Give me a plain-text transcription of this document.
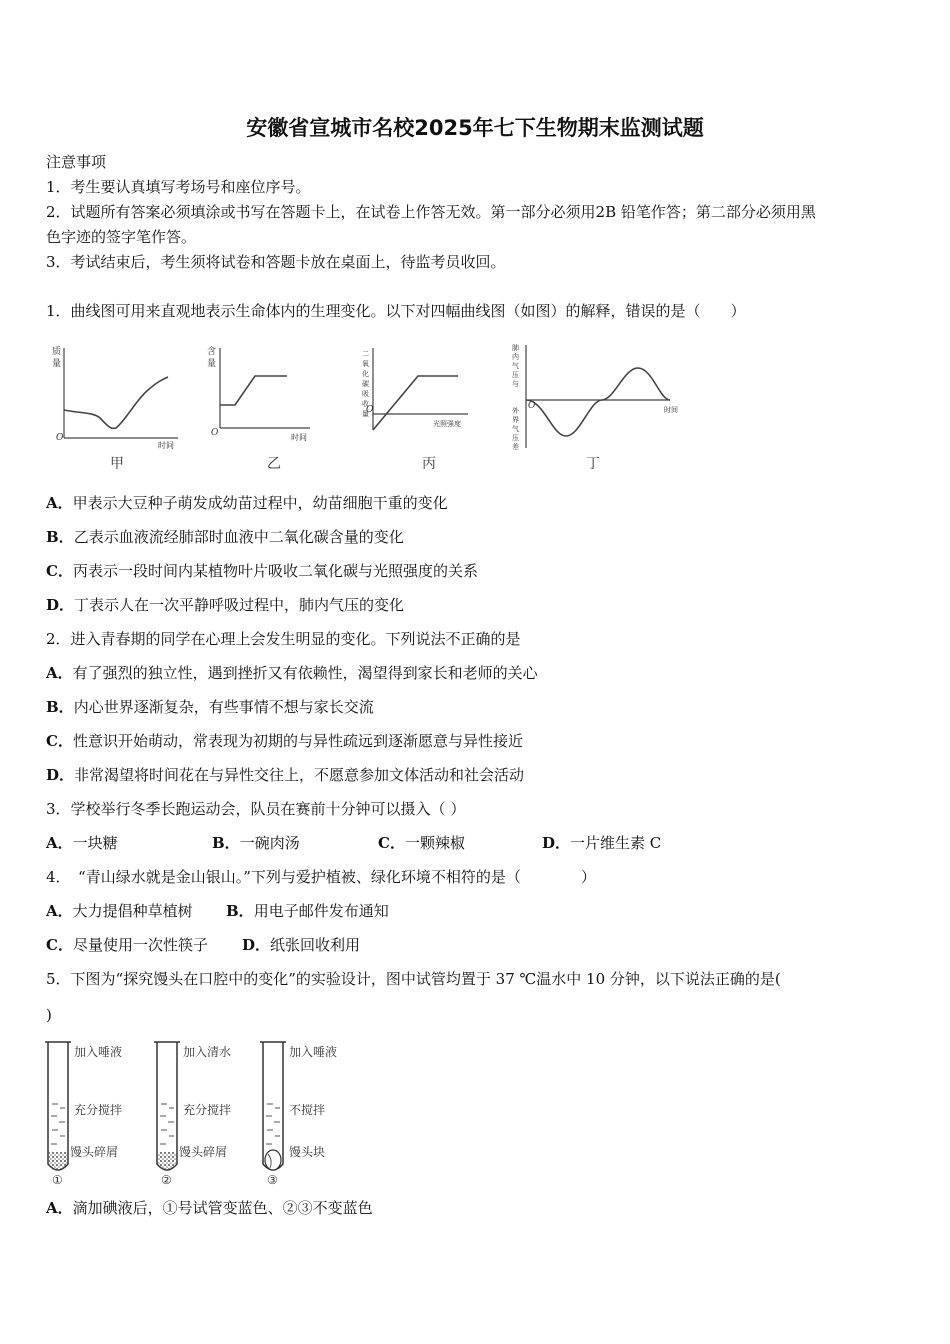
安徽省宣城市名校2025年七下生物期末监测试题
注意事项
1．考生要认真填写考场号和座位序号。
2．试题所有答案必须填涂或书写在答题卡上，在试卷上作答无效。第一部分必须用2B 铅笔作答；第二部分必须用黑
色字迹的签字笔作答。
3．考试结束后，考生须将试卷和答题卡放在桌面上，待监考员收回。
1．曲线图可用来直观地表示生命体内的生理变化。以下对四幅曲线图（如图）的解释，错误的是（　　）
质
量
O
时间
甲
含
量
O	时间
乙
二
氧
化
碳
吸
收
量
O
光照强度
丙
肺
内
气
压
与
外
界
气
压
差
O	时间
丁
A．甲表示大豆种子萌发成幼苗过程中，幼苗细胞干重的变化
B．乙表示血液流经肺部时血液中二氧化碳含量的变化
C．丙表示一段时间内某植物叶片吸收二氧化碳与光照强度的关系
D．丁表示人在一次平静呼吸过程中，肺内气压的变化
2．进入青春期的同学在心理上会发生明显的变化。下列说法不正确的是
A．有了强烈的独立性，遇到挫折又有依赖性，渴望得到家长和老师的关心
B．内心世界逐渐复杂，有些事情不想与家长交流
C．性意识开始萌动，常表现为初期的与异性疏远到逐渐愿意与异性接近
D．非常渴望将时间花在与异性交往上，不愿意参加文体活动和社会活动
3．学校举行冬季长跑运动会，队员在赛前十分钟可以摄入（ ）
A．一块糖	B．一碗肉汤	C．一颗辣椒	D．一片维生素 C
4．　“青山绿水就是金山银山。”下列与爱护植被、绿化环境不相符的是（　　　　）
A．大力提倡种草植树 B．用电子邮件发布通知
C．尽量使用一次性筷子 D．纸张回收利用
5．下图为“探究馒头在口腔中的变化”的实验设计，图中试管均置于 37 ℃温水中 10 分钟，以下说法正确的是(
)
加入唾液
充分搅拌
馒头碎屑
①
加入清水
充分搅拌
馒头碎屑
②
加入唾液
不搅拌
馒头块
③
A．滴加碘液后，①号试管变蓝色、②③不变蓝色
